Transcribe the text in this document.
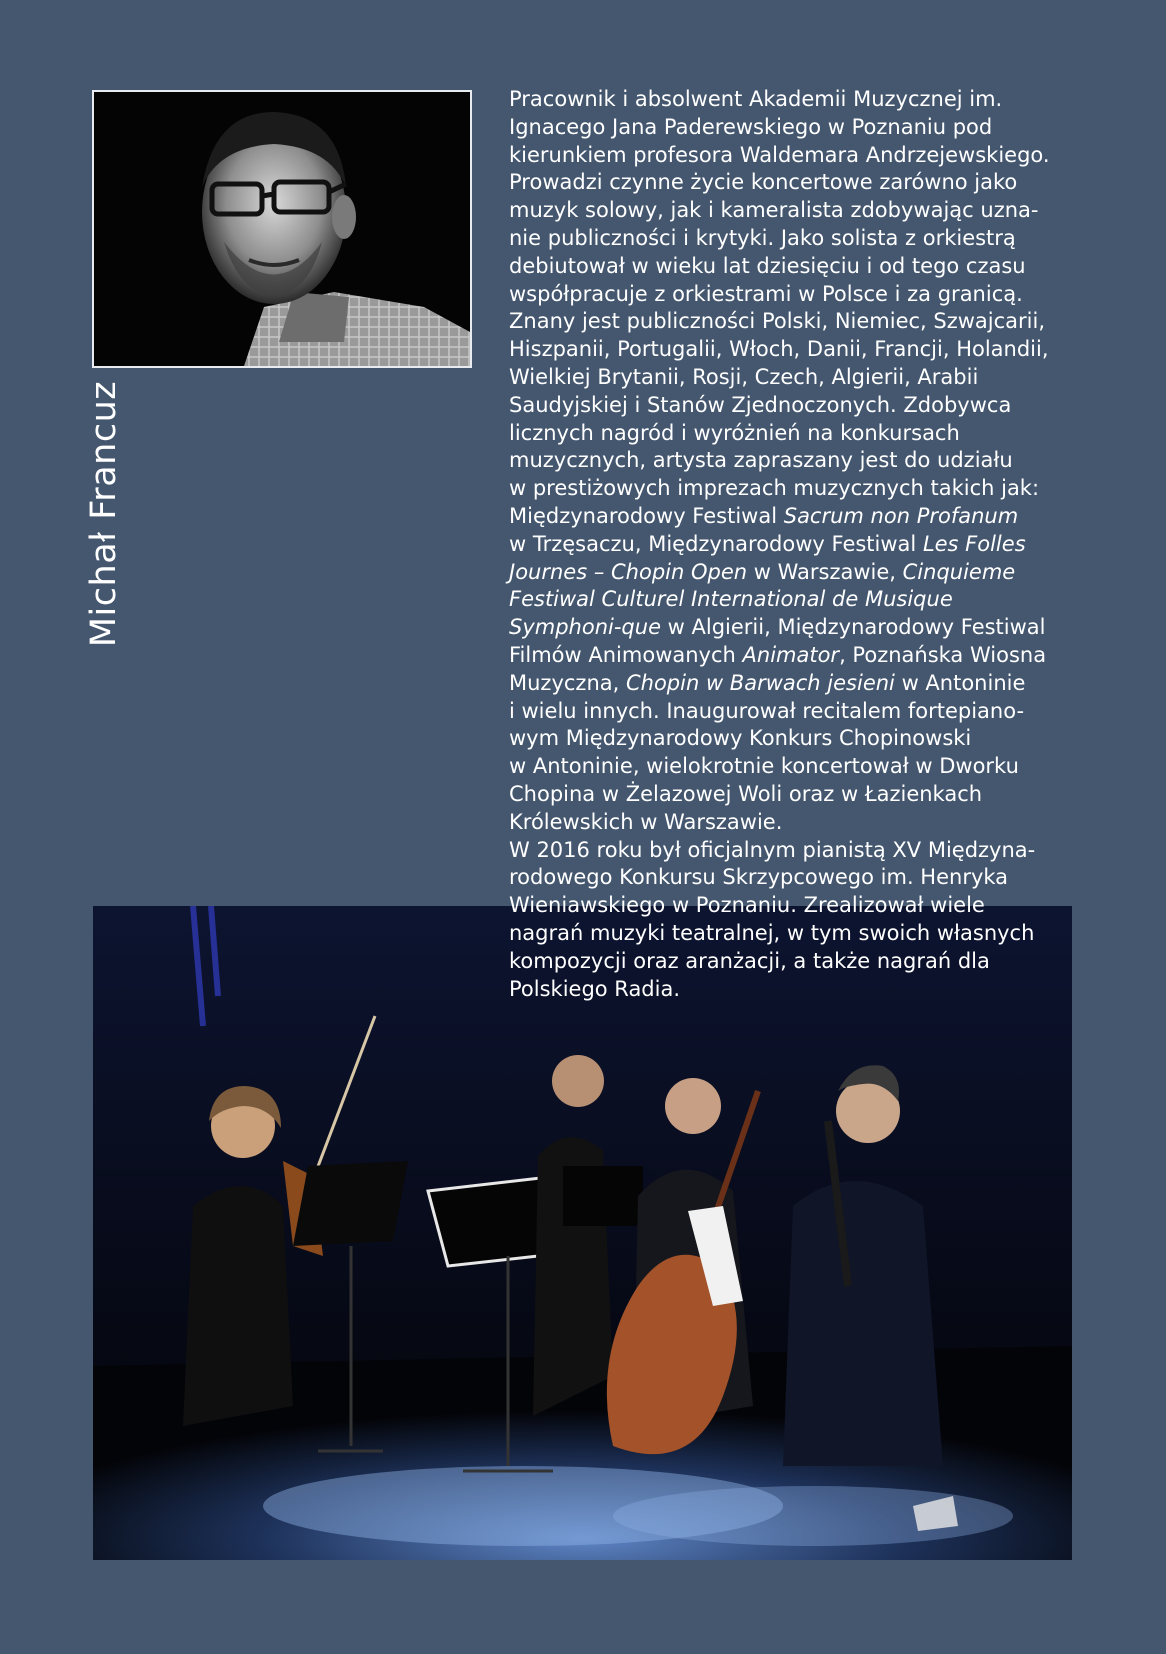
Michał Francuz
Pracownik i absolwent Akademii Muzycznej im.
Ignacego Jana Paderewskiego w Poznaniu pod
kierunkiem profesora Waldemara Andrzejewskiego.
Prowadzi czynne życie koncertowe zarówno jako
muzyk solowy, jak i kameralista zdobywając uzna-
nie publiczności i krytyki. Jako solista z orkiestrą
debiutował w wieku lat dziesięciu i od tego czasu
współpracuje z orkiestrami w Polsce i za granicą.
Znany jest publiczności Polski, Niemiec, Szwajcarii,
Hiszpanii, Portugalii, Włoch, Danii, Francji, Holandii,
Wielkiej Brytanii, Rosji, Czech, Algierii, Arabii
Saudyjskiej i Stanów Zjednoczonych. Zdobywca
licznych nagród i wyróżnień na konkursach
muzycznych, artysta zapraszany jest do udziału
w prestiżowych imprezach muzycznych takich jak:
Międzynarodowy Festiwal Sacrum non Profanum
w Trzęsaczu, Międzynarodowy Festiwal Les Folles
Journes – Chopin Open w Warszawie, Cinquieme
Festiwal Culturel International de Musique
Symphoni-que w Algierii, Międzynarodowy Festiwal
Filmów Animowanych Animator, Poznańska Wiosna
Muzyczna, Chopin w Barwach jesieni w Antoninie
i wielu innych. Inaugurował recitalem fortepiano-
wym Międzynarodowy Konkurs Chopinowski
w Antoninie, wielokrotnie koncertował w Dworku
Chopina w Żelazowej Woli oraz w Łazienkach
Królewskich w Warszawie.
W 2016 roku był oficjalnym pianistą XV Międzyna-
rodowego Konkursu Skrzypcowego im. Henryka
Wieniawskiego w Poznaniu. Zrealizował wiele
nagrań muzyki teatralnej, w tym swoich własnych
kompozycji oraz aranżacji, a także nagrań dla
Polskiego Radia.
